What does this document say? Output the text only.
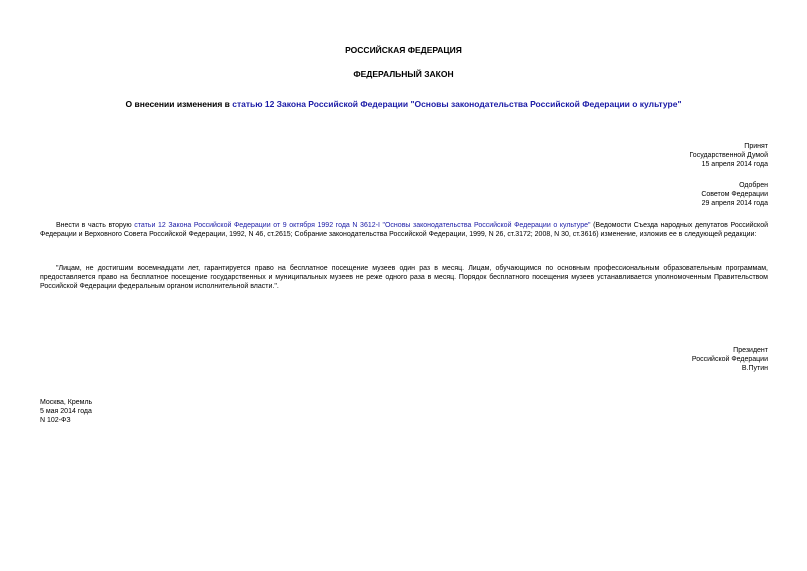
РОССИЙСКАЯ ФЕДЕРАЦИЯ
ФЕДЕРАЛЬНЫЙ ЗАКОН
О внесении изменения в статью 12 Закона Российской Федерации "Основы законодательства Российской Федерации о культуре"
Принят
Государственной Думой
15 апреля 2014 года
Одобрен
Советом Федерации
29 апреля 2014 года
Внести в часть вторую статьи 12 Закона Российской Федерации от 9 октября 1992 года N 3612-I "Основы законодательства Российской Федерации о культуре" (Ведомости Съезда народных депутатов Российской Федерации и Верховного Совета Российской Федерации, 1992, N 46, ст.2615; Собрание законодательства Российской Федерации, 1999, N 26, ст.3172; 2008, N 30, ст.3616) изменение, изложив ее в следующей редакции:
"Лицам, не достигшим восемнадцати лет, гарантируется право на бесплатное посещение музеев один раз в месяц. Лицам, обучающимся по основным профессиональным образовательным программам, предоставляется право на бесплатное посещение государственных и муниципальных музеев не реже одного раза в месяц. Порядок бесплатного посещения музеев устанавливается уполномоченным Правительством Российской Федерации федеральным органом исполнительной власти.".
Президент
Российской Федерации
В.Путин
Москва, Кремль
5 мая 2014 года
N 102-ФЗ
